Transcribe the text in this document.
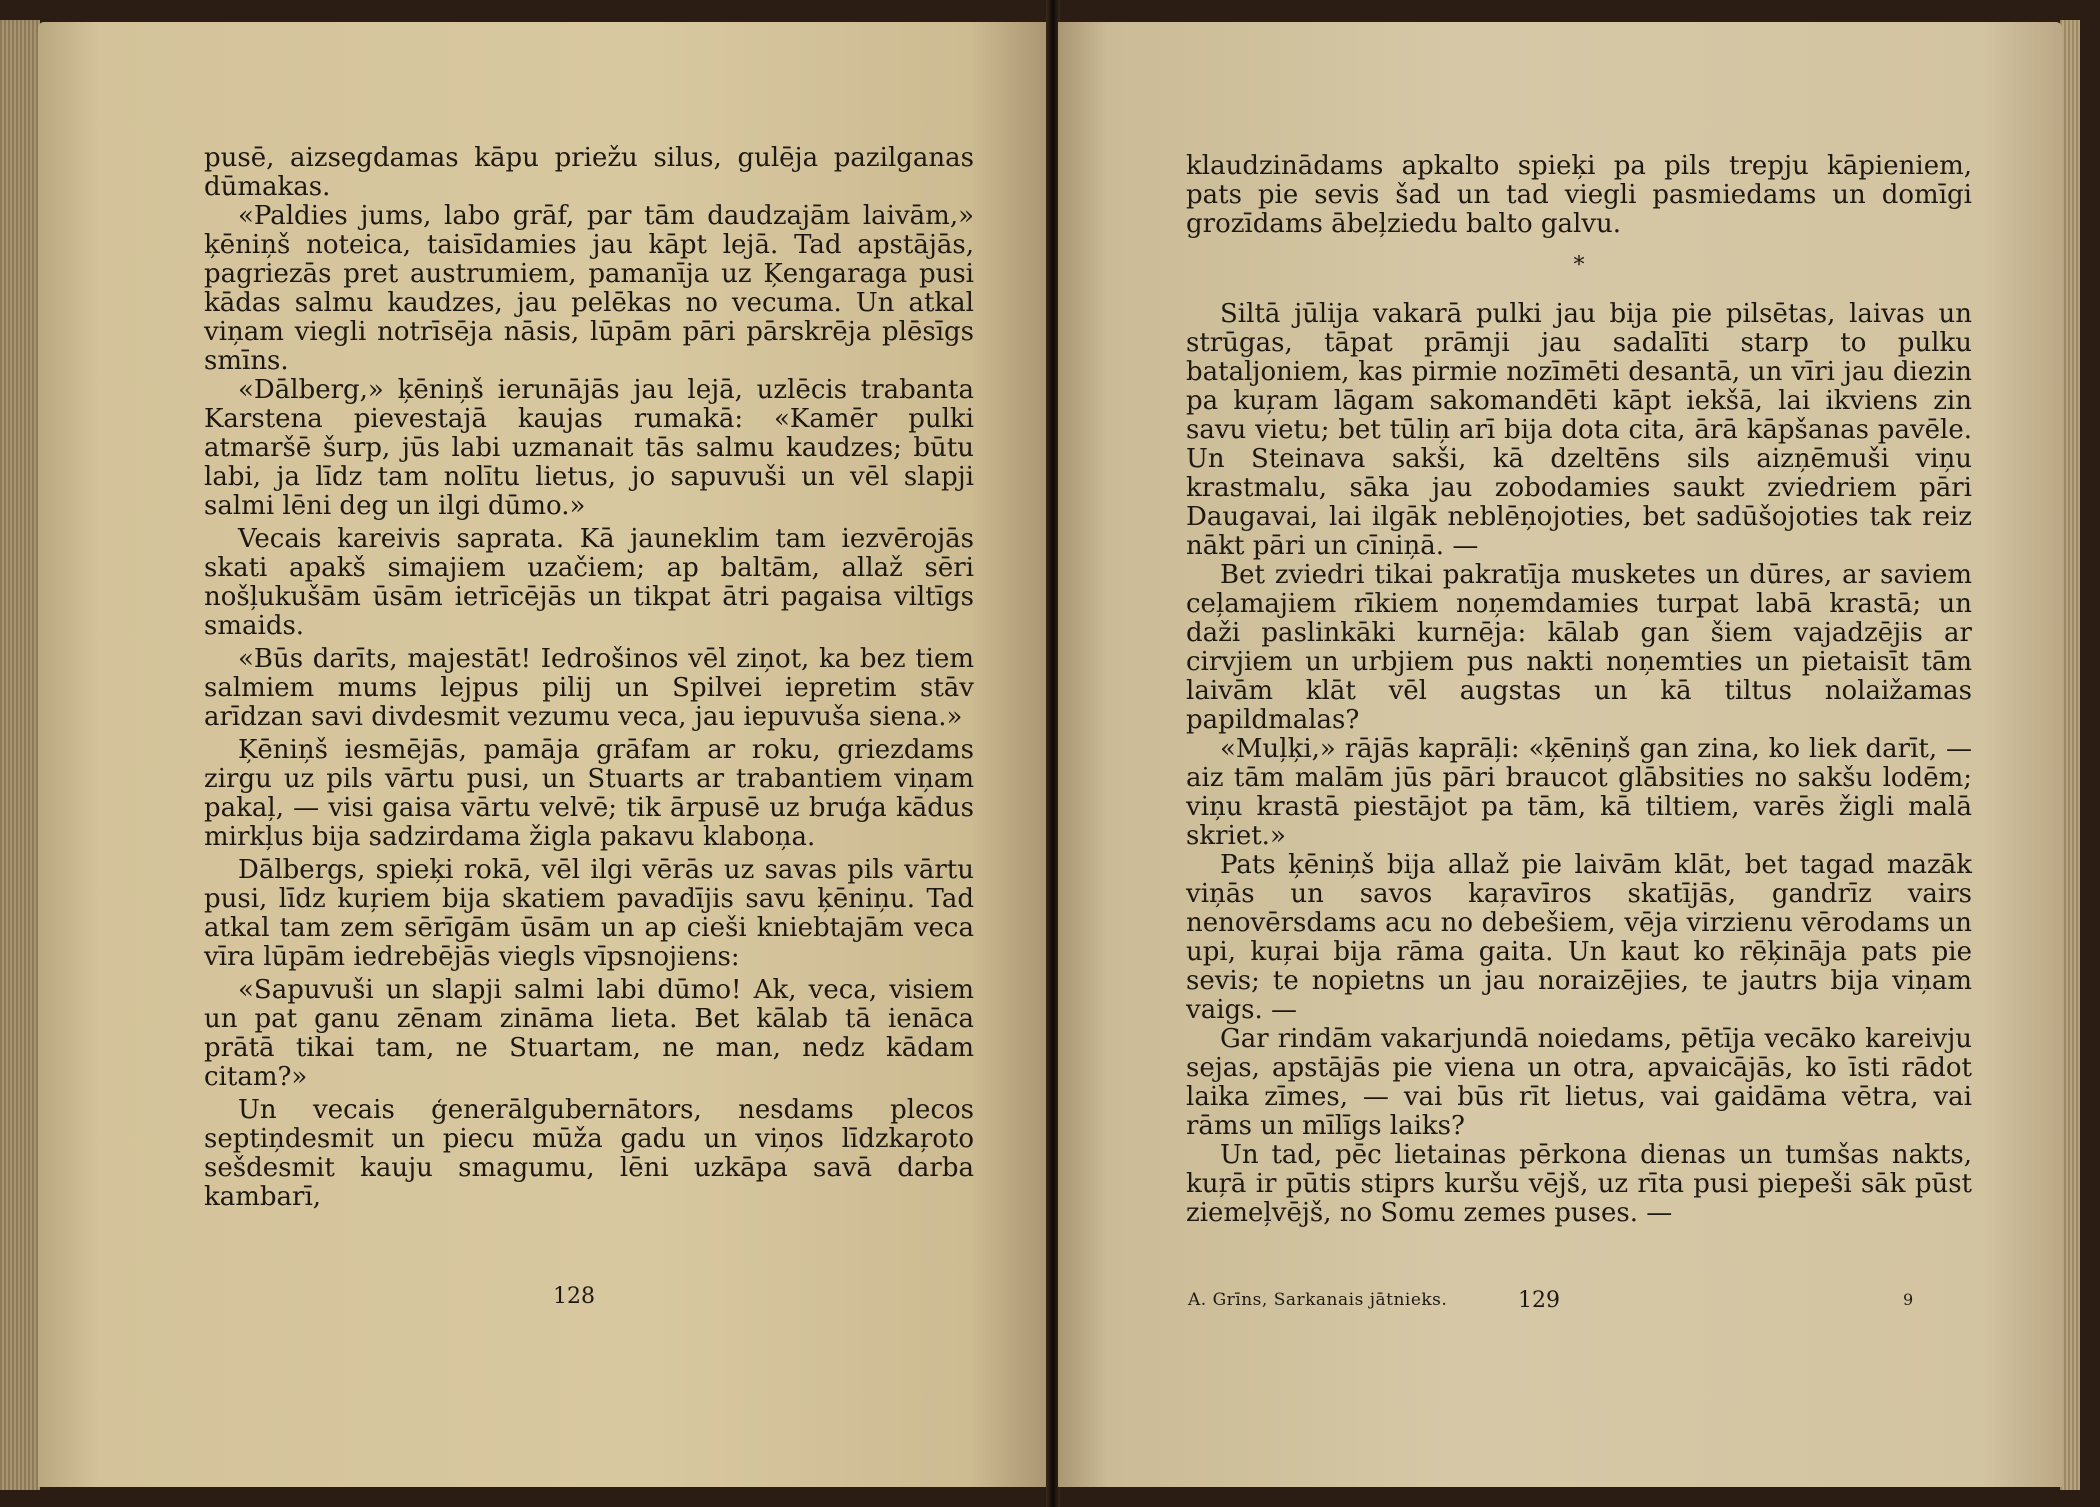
pusē, aizsegdamas kāpu priežu silus, gulēja pazilganas dūmakas.

«Paldies jums, labo grāf, par tām daudzajām laivām,» ķēniņš noteica, taisīdamies jau kāpt lejā. Tad apstājās, pagriezās pret austrumiem, pamanīja uz Ķengaraga pusi kādas salmu kaudzes, jau pelēkas no vecuma. Un atkal viņam viegli notrīsēja nāsis, lūpām pāri pārskrēja plēsīgs smīns.

«Dālberg,» ķēniņš ierunājās jau lejā, uzlēcis trabanta Karstena pievestajā kaujas rumakā: «Kamēr pulki atmaršē šurp, jūs labi uzmanait tās salmu kaudzes; būtu labi, ja līdz tam nolītu lietus, jo sapuvuši un vēl slapji salmi lēni deg un ilgi dūmo.»

Vecais kareivis saprata. Kā jauneklim tam iezvērojās skati apakš simajiem uzačiem; ap baltām, allaž sēri nošļukušām ūsām ietrīcējās un tikpat ātri pagaisa viltīgs smaids.

«Būs darīts, majestāt! Iedrošinos vēl ziņot, ka bez tiem salmiem mums lejpus pilij un Spilvei iepretim stāv arīdzan savi divdesmit vezumu veca, jau iepuvuša siena.»

Ķēniņš iesmējās, pamāja grāfam ar roku, griezdams zirgu uz pils vārtu pusi, un Stuarts ar trabantiem viņam pakaļ, — visi gaisa vārtu velvē; tik ārpusē uz bruģa kādus mirkļus bija sadzirdama žigla pakavu klaboņa.

Dālbergs, spieķi rokā, vēl ilgi vērās uz savas pils vārtu pusi, līdz kuŗiem bija skatiem pavadījis savu ķēniņu. Tad atkal tam zem sērīgām ūsām un ap cieši kniebtajām veca vīra lūpām iedrebējās viegls vīpsnojiens:

«Sapuvuši un slapji salmi labi dūmo! Ak, veca, visiem un pat ganu zēnam zināma lieta. Bet kālab tā ienāca prātā tikai tam, ne Stuartam, ne man, nedz kādam citam?»

Un vecais ģenerālgubernātors, nesdams plecos septiņdesmit un piecu mūža gadu un viņos līdzkaŗoto sešdesmit kauju smagumu, lēni uzkāpa savā darba kambarī,

128

klaudzinādams apkalto spieķi pa pils trepju kāpieniem, pats pie sevis šad un tad viegli pasmiedams un domīgi grozīdams ābeļziedu balto galvu.

*

Siltā jūlija vakarā pulki jau bija pie pilsētas, laivas un strūgas, tāpat prāmji jau sadalīti starp to pulku bataljoniem, kas pirmie nozīmēti desantā, un vīri jau diezin pa kuŗam lāgam sakomandēti kāpt iekšā, lai ikviens zin savu vietu; bet tūliņ arī bija dota cita, ārā kāpšanas pavēle. Un Steinava sakši, kā dzeltēns sils aizņēmuši viņu krastmalu, sāka jau zobodamies saukt zviedriem pāri Daugavai, lai ilgāk neblēņojoties, bet sadūšojoties tak reiz nākt pāri un cīniņā. —

Bet zviedri tikai pakratīja musketes un dūres, ar saviem ceļamajiem rīkiem noņemdamies turpat labā krastā; un daži paslinkāki kurnēja: kālab gan šiem vajadzējis ar cirvjiem un urbjiem pus nakti noņemties un pietaisīt tām laivām klāt vēl augstas un kā tiltus nolaižamas papildmalas?

«Muļķi,» rājās kaprāļi: «ķēniņš gan zina, ko liek darīt, — aiz tām malām jūs pāri braucot glābsities no sakšu lodēm; viņu krastā piestājot pa tām, kā tiltiem, varēs žigli malā skriet.»

Pats ķēniņš bija allaž pie laivām klāt, bet tagad mazāk viņās un savos kaŗavīros skatījās, gandrīz vairs nenovērsdams acu no debešiem, vēja virzienu vērodams un upi, kuŗai bija rāma gaita. Un kaut ko rēķināja pats pie sevis; te nopietns un jau noraizējies, te jautrs bija viņam vaigs. —

Gar rindām vakarjundā noiedams, pētīja vecāko kareivju sejas, apstājās pie viena un otra, apvaicājās, ko īsti rādot laika zīmes, — vai būs rīt lietus, vai gaidāma vētra, vai rāms un mīlīgs laiks?

Un tad, pēc lietainas pērkona dienas un tumšas nakts, kuŗā ir pūtis stiprs kuršu vējš, uz rīta pusi piepeši sāk pūst ziemeļvējš, no Somu zemes puses. —

A. Grīns, Sarkanais jātnieks.	129	9
